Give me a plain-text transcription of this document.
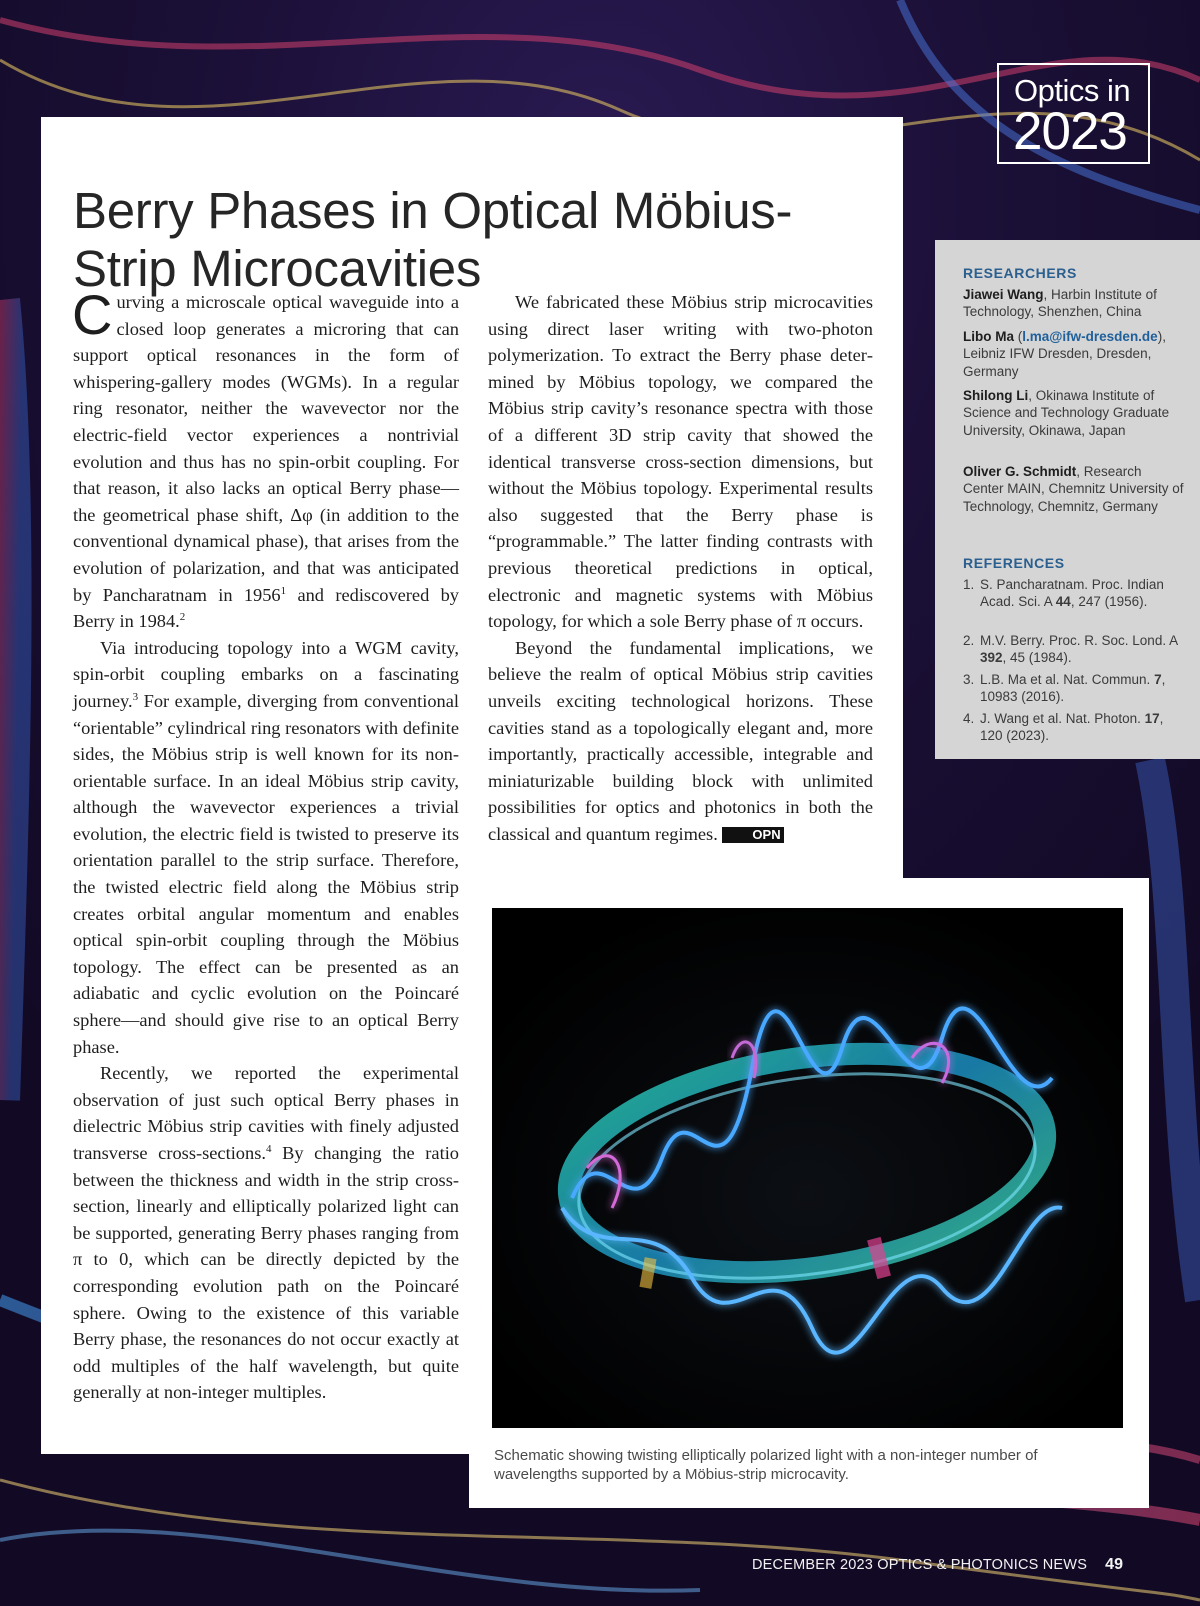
Optics in
2023
Berry Phases in Optical Möbius-Strip Microcavities

Curving a microscale optical waveguide into a closed loop generates a microring that can support optical resonances in the form of whispering-gallery modes (WGMs). In a regular ring resonator, neither the wavevector nor the electric-field vector experiences a nontrivial evolution and thus has no spin-orbit coupling. For that reason, it also lacks an optical Berry phase—the geometrical phase shift, Δφ (in addition to the conventional dynamical phase), that arises from the evolution of polarization, and that was anticipated by Pancharatnam in 1956$^1$ and rediscovered by Berry in 1984.$^2$

Via introducing topology into a WGM cavity, spin-orbit coupling embarks on a fascinating journey.$^3$ For example, diverging from conventional “orientable” cylindrical ring resonators with definite sides, the Möbius strip is well known for its non-orientable surface. In an ideal Möbius strip cavity, although the wavevector experiences a trivial evolution, the electric field is twisted to preserve its orientation parallel to the strip surface. Therefore, the twisted electric field along the Möbius strip creates orbital angular momentum and enables optical spin-orbit coupling through the Möbius topology. The effect can be presented as an adiabatic and cyclic evolution on the Poincaré sphere—and should give rise to an optical Berry phase.

Recently, we reported the experimental observation of just such optical Berry phases in dielectric Möbius strip cavities with finely adjusted transverse cross-sections.$^4$ By changing the ratio between the thickness and width in the strip cross-section, linearly and elliptically polarized light can be supported, generating Berry phases ranging from π to 0, which can be directly depicted by the corresponding evolution path on the Poincaré sphere. Owing to the existence of this variable Berry phase, the resonances do not occur exactly at odd multiples of the half wavelength, but quite generally at non-integer multiples.

We fabricated these Möbius strip microcavities using direct laser writing with two-photon polymerization. To extract the Berry phase determined by Möbius topology, we compared the Möbius strip cavity’s resonance spectra with those of a different 3D strip cavity that showed the identical transverse cross-section dimensions, but without the Möbius topology. Experimental results also suggested that the Berry phase is “programmable.” The latter finding contrasts with previous theoretical predictions in optical, electronic and magnetic systems with Möbius topology, for which a sole Berry phase of π occurs.

Beyond the fundamental implications, we believe the realm of optical Möbius strip cavities unveils exciting technological horizons. These cavities stand as a topologically elegant and, more importantly, practically accessible, integrable and miniaturizable building block with unlimited possibilities for optics and photonics in both the classical and quantum regimes.	OPN

RESEARCHERS
Jiawei Wang, Harbin Institute of Technology, Shenzhen, China
Libo Ma (l.ma@ifw-dresden.de), Leibniz IFW Dresden, Dresden, Germany
Shilong Li, Okinawa Institute of Science and Technology Graduate University, Okinawa, Japan
Oliver G. Schmidt, Research Center MAIN, Chemnitz University of Technology, Chemnitz, Germany
REFERENCES
1. S. Pancharatnam. Proc. Indian Acad. Sci. A 44, 247 (1956).
2. M.V. Berry. Proc. R. Soc. Lond. A 392, 45 (1984).
3. L.B. Ma et al. Nat. Commun. 7, 10983 (2016).
4. J. Wang et al. Nat. Photon. 17, 120 (2023).
Schematic showing twisting elliptically polarized light with a non-integer number of wavelengths supported by a Möbius-strip microcavity.
DECEMBER 2023 OPTICS & PHOTONICS NEWS 49
